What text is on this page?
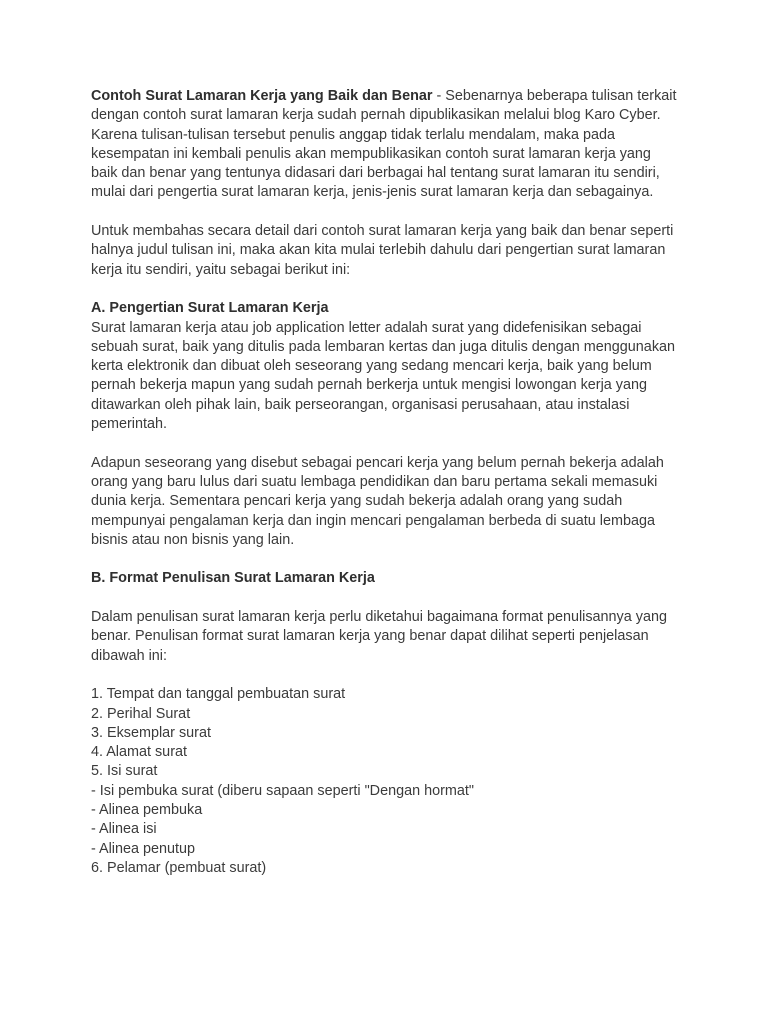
Contoh Surat Lamaran Kerja yang Baik dan Benar - Sebenarnya beberapa tulisan terkait
dengan contoh surat lamaran kerja sudah pernah dipublikasikan melalui blog Karo Cyber.
Karena tulisan-tulisan tersebut penulis anggap tidak terlalu mendalam, maka pada
kesempatan ini kembali penulis akan mempublikasikan contoh surat lamaran kerja yang
baik dan benar yang tentunya didasari dari berbagai hal tentang surat lamaran itu sendiri,
mulai dari pengertia surat lamaran kerja, jenis-jenis surat lamaran kerja dan sebagainya.

Untuk membahas secara detail dari contoh surat lamaran kerja yang baik dan benar seperti
halnya judul tulisan ini, maka akan kita mulai terlebih dahulu dari pengertian surat lamaran
kerja itu sendiri, yaitu sebagai berikut ini:

A. Pengertian Surat Lamaran Kerja
Surat lamaran kerja atau job application letter adalah surat yang didefenisikan sebagai
sebuah surat, baik yang ditulis pada lembaran kertas dan juga ditulis dengan menggunakan
kerta elektronik dan dibuat oleh seseorang yang sedang mencari kerja, baik yang belum
pernah bekerja mapun yang sudah pernah berkerja untuk mengisi lowongan kerja yang
ditawarkan oleh pihak lain, baik perseorangan, organisasi perusahaan, atau instalasi
pemerintah.

Adapun seseorang yang disebut sebagai pencari kerja yang belum pernah bekerja adalah
orang yang baru lulus dari suatu lembaga pendidikan dan baru pertama sekali memasuki
dunia kerja. Sementara pencari kerja yang sudah bekerja adalah orang yang sudah
mempunyai pengalaman kerja dan ingin mencari pengalaman berbeda di suatu lembaga
bisnis atau non bisnis yang lain.

B. Format Penulisan Surat Lamaran Kerja

Dalam penulisan surat lamaran kerja perlu diketahui bagaimana format penulisannya yang
benar. Penulisan format surat lamaran kerja yang benar dapat dilihat seperti penjelasan
dibawah ini:

1. Tempat dan tanggal pembuatan surat
2. Perihal Surat
3. Eksemplar surat
4. Alamat surat
5. Isi surat
- Isi pembuka surat (diberu sapaan seperti "Dengan hormat"
- Alinea pembuka
- Alinea isi
- Alinea penutup
6. Pelamar (pembuat surat)
